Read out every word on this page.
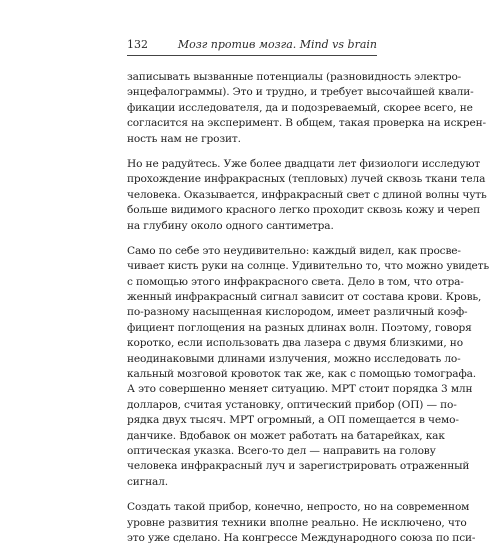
132	Мозг против мозга. Mind vs brain
записывать вызванные потенциалы (разновидность электро-
энцефалограммы). Это и трудно, и требует высочайшей квали-
фикации исследователя, да и подозреваемый, скорее всего, не
согласится на эксперимент. В общем, такая проверка на искрен-
ность нам не грозит.
Но не радуйтесь. Уже более двадцати лет физиологи исследуют
прохождение инфракрасных (тепловых) лучей сквозь ткани тела
человека. Оказывается, инфракрасный свет с длиной волны чуть
больше видимого красного легко проходит сквозь кожу и череп
на глубину около одного сантиметра.
Само по себе это неудивительно: каждый видел, как просве-
чивает кисть руки на солнце. Удивительно то, что можно увидеть
с помощью этого инфракрасного света. Дело в том, что отра-
женный инфракрасный сигнал зависит от состава крови. Кровь,
по-разному насыщенная кислородом, имеет различный коэф-
фициент поглощения на разных длинах волн. Поэтому, говоря
коротко, если использовать два лазера с двумя близкими, но
неодинаковыми длинами излучения, можно исследовать ло-
кальный мозговой кровоток так же, как с помощью томографа.
А это совершенно меняет ситуацию. МРТ стоит порядка 3 млн
долларов, считая установку, оптический прибор (ОП) — по-
рядка двух тысяч. МРТ огромный, а ОП помещается в чемо-
данчике. Вдобавок он может работать на батарейках, как
оптическая указка. Всего-то дел — направить на голову
человека инфракрасный луч и зарегистрировать отраженный
сигнал.
Создать такой прибор, конечно, непросто, но на современном
уровне развития техники вполне реально. Не исключено, что
это уже сделано. На конгрессе Международного союза по пси-
